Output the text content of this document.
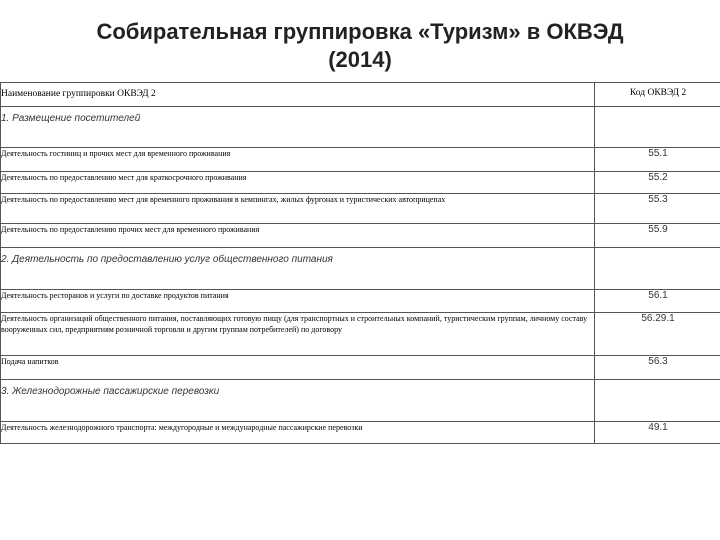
Собирательная группировка «Туризм» в ОКВЭД
(2014)
Наименование группировки ОКВЭД 2	Код ОКВЭД 2
1. Размещение посетителей	
Деятельность гостиниц и прочих мест для временного проживания	55.1
Деятельность по предоставлению мест для краткосрочного проживания	55.2
Деятельность по предоставлению мест для временного проживания в кемпингах, жилых фургонах и туристических автоприцепах	55.3
Деятельность по предоставлению прочих мест для временного проживания	55.9
2. Деятельность по предоставлению услуг общественного питания	
Деятельность ресторанов и услуги по доставке продуктов питания	56.1
Деятельность организаций общественного питания, поставляющих готовую пищу (для транспортных и строительных компаний, туристическим группам, личному составу вооруженных сил, предприятиям розничной торговли и другим группам потребителей) по договору	56.29.1
Подача напитков	56.3
3. Железнодорожные пассажирские перевозки	
Деятельность железнодорожного транспорта: междугородные и международные пассажирские перевозки	49.1
